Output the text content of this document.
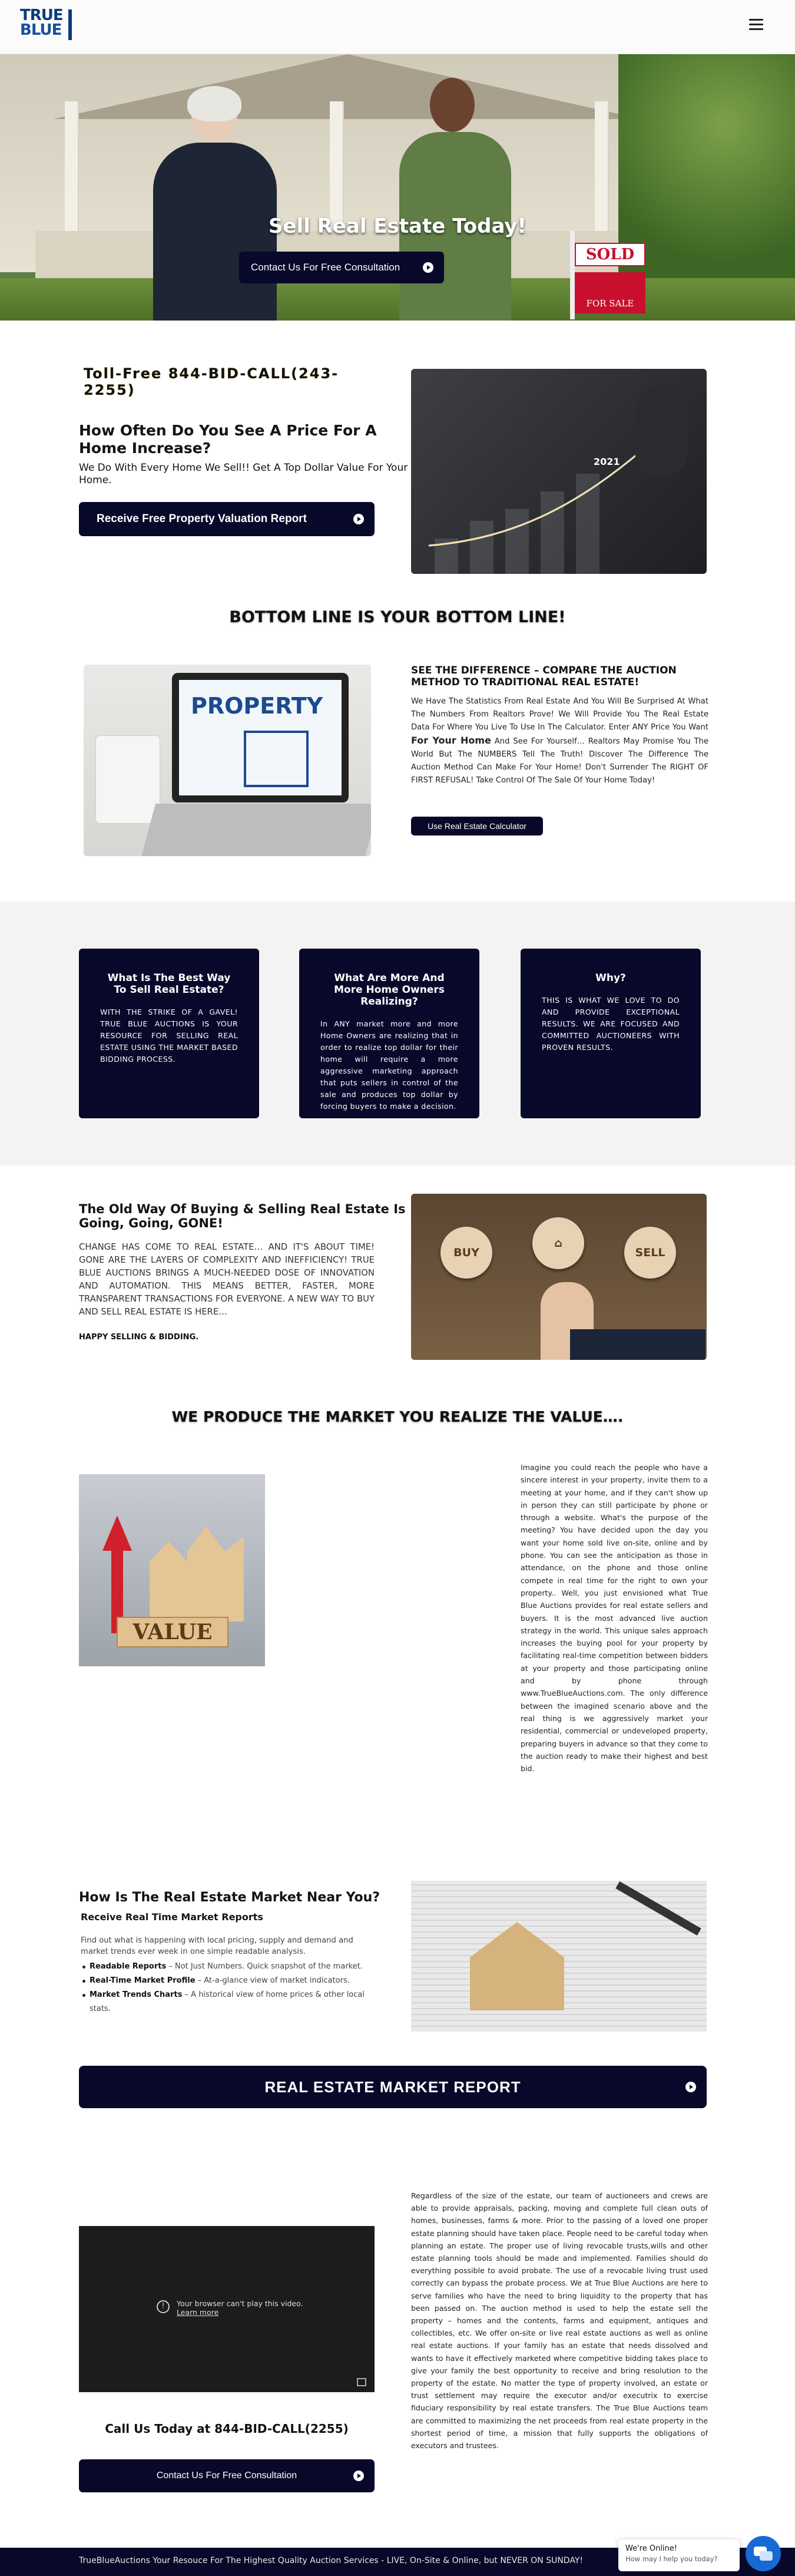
TRUE
BLUE
SOLD
FOR SALE
Sell Real Estate Today!
Contact Us For Free Consultation
Toll-Free 844-BID-CALL(243-2255)
How Often Do You See A Price For A Home Increase?
We Do With Every Home We Sell!! Get A Top Dollar Value For Your Home.
Receive Free Property Valuation Report
2021
BOTTOM LINE IS YOUR BOTTOM LINE!
PROPERTY
SEE THE DIFFERENCE – COMPARE THE AUCTION METHOD TO TRADITIONAL REAL ESTATE!
We Have The Statistics From Real Estate And You Will Be Surprised At What The Numbers From Realtors Prove! We Will Provide You The Real Estate Data For Where You Live To Use In The Calculator. Enter ANY Price You Want For Your Home And See For Yourself… Realtors May Promise You The World But The NUMBERS Tell The Truth! Discover The Difference The Auction Method Can Make For Your Home! Don't Surrender The RIGHT OF FIRST REFUSAL! Take Control Of The Sale Of Your Home Today!
Use Real Estate Calculator
What Is The Best Way To Sell Real Estate?

WITH THE STRIKE OF A GAVEL! TRUE BLUE AUCTIONS IS YOUR RESOURCE FOR SELLING REAL ESTATE USING THE MARKET BASED BIDDING PROCESS.

What Are More And More Home Owners Realizing?

In ANY market more and more Home Owners are realizing that in order to realize top dollar for their home will require a more aggressive marketing approach that puts sellers in control of the sale and produces top dollar by forcing buyers to make a decision.

Why?

THIS IS WHAT WE LOVE TO DO AND PROVIDE EXCEPTIONAL RESULTS. WE ARE FOCUSED AND COMMITTED AUCTIONEERS WITH PROVEN RESULTS.

The Old Way Of Buying & Selling Real Estate Is Going, Going, GONE!
CHANGE HAS COME TO REAL ESTATE… AND IT'S ABOUT TIME! GONE ARE THE LAYERS OF COMPLEXITY AND INEFFICIENCY! TRUE BLUE AUCTIONS BRINGS A MUCH-NEEDED DOSE OF INNOVATION AND AUTOMATION. THIS MEANS BETTER, FASTER, MORE TRANSPARENT TRANSACTIONS FOR EVERYONE. A NEW WAY TO BUY AND SELL REAL ESTATE IS HERE…
HAPPY SELLING & BIDDING.
BUY
⌂
SELL
WE PRODUCE THE MARKET YOU REALIZE THE VALUE….
VALUE
Imagine you could reach the people who have a sincere interest in your property, invite them to a meeting at your home, and if they can't show up in person they can still participate by phone or through a website. What's the purpose of the meeting? You have decided upon the day you want your home sold live on-site, online and by phone. You can see the anticipation as those in attendance, on the phone and those online compete in real time for the right to own your property.. Well, you just envisioned what True Blue Auctions provides for real estate sellers and buyers. It is the most advanced live auction strategy in the world. This unique sales approach increases the buying pool for your property by facilitating real-time competition between bidders at your property and those participating online and by phone through www.TrueBlueAuctions.com. The only difference between the imagined scenario above and the real thing is we aggressively market your residential, commercial or undeveloped property, preparing buyers in advance so that they come to the auction ready to make their highest and best bid.
How Is The Real Estate Market Near You?
Receive Real Time Market Reports
Find out what is happening with local pricing, supply and demand and market trends ever week in one simple readable analysis.
Readable Reports – Not Just Numbers. Quick snapshot of the market.
Real-Time Market Profile – At-a-glance view of market indicators.
Market Trends Charts – A historical view of home prices & other local stats.
REAL ESTATE MARKET REPORT
!	Your browser can't play this video.
Learn more
Call Us Today at 844-BID-CALL(2255)
Contact Us For Free Consultation
Regardless of the size of the estate, our team of auctioneers and crews are able to provide appraisals, packing, moving and complete full clean outs of homes, businesses, farms & more. Prior to the passing of a loved one proper estate planning should have taken place. People need to be careful today when planning an estate. The proper use of living revocable trusts,wills and other estate planning tools should be made and implemented. Families should do everything possible to avoid probate. The use of a revocable living trust used correctly can bypass the probate process. We at True Blue Auctions are here to serve families who have the need to bring liquidity to the property that has been passed on. The auction method is used to help the estate sell the property – homes and the contents, farms and equipment, antiques and collectibles, etc. We offer on-site or live real estate auctions as well as online real estate auctions. If your family has an estate that needs dissolved and wants to have it effectively marketed where competitive bidding takes place to give your family the best opportunity to receive and bring resolution to the property of the estate. No matter the type of property involved, an estate or trust settlement may require the executor and/or executrix to exercise fiduciary responsibility by real estate transfers. The True Blue Auctions team are committed to maximizing the net proceeds from real estate property in the shortest period of time, a mission that fully supports the obligations of executors and trustees.
TrueBlueAuctions Your Resouce For The Highest Quality Auction Services - LIVE, On-Site & Online, but NEVER ON SUNDAY!
We're Online!
How may I help you today?
